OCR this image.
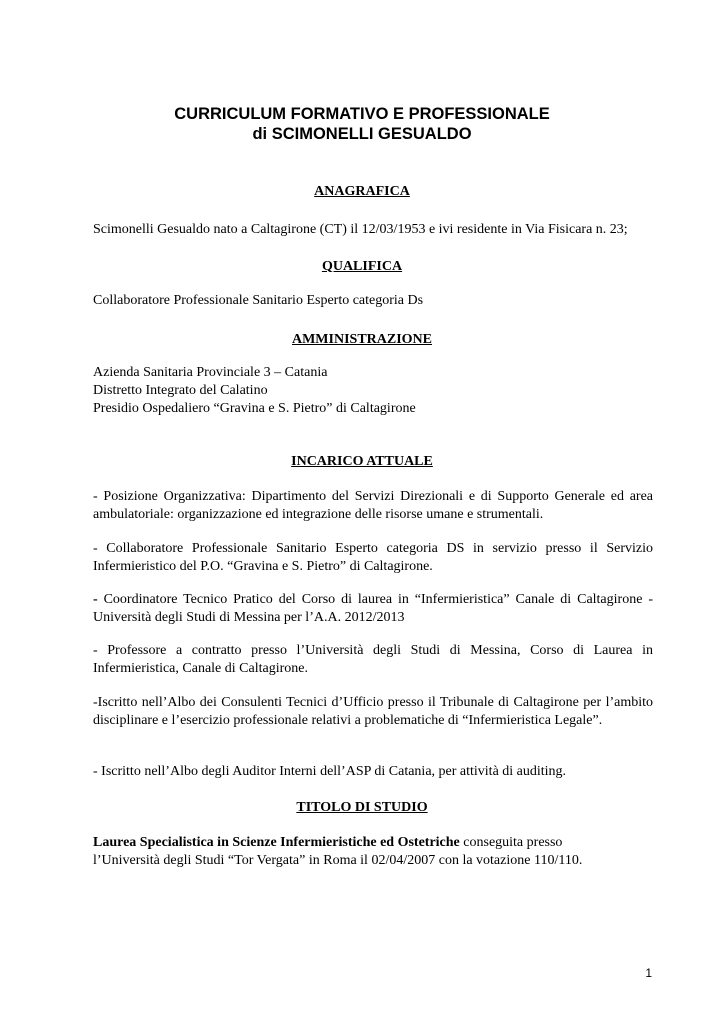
CURRICULUM FORMATIVO E PROFESSIONALE
di SCIMONELLI GESUALDO
ANAGRAFICA
Scimonelli Gesualdo nato a Caltagirone (CT) il 12/03/1953 e ivi residente in Via Fisicara n. 23;
QUALIFICA
Collaboratore Professionale Sanitario Esperto categoria Ds
AMMINISTRAZIONE

Azienda Sanitaria Provinciale 3 – Catania

Distretto Integrato del Calatino

Presidio Ospedaliero “Gravina e S. Pietro” di Caltagirone

INCARICO ATTUALE
- Posizione Organizzativa: Dipartimento del Servizi Direzionali e di Supporto Generale ed area ambulatoriale: organizzazione ed integrazione delle risorse umane e strumentali.
- Collaboratore Professionale Sanitario Esperto categoria DS in servizio presso il Servizio Infermieristico del P.O. “Gravina e S. Pietro” di Caltagirone.
- Coordinatore Tecnico Pratico del Corso di laurea in “Infermieristica” Canale di Caltagirone - Università degli Studi di Messina per l’A.A. 2012/2013
- Professore a contratto presso l’Università degli Studi di Messina, Corso di Laurea in Infermieristica, Canale di Caltagirone.
-Iscritto nell’Albo dei Consulenti Tecnici d’Ufficio presso il Tribunale di Caltagirone per l’ambito disciplinare e l’esercizio professionale relativi a problematiche di “Infermieristica Legale”.
- Iscritto nell’Albo degli Auditor Interni dell’ASP di Catania, per attività di auditing.
TITOLO DI STUDIO

Laurea Specialistica in Scienze Infermieristiche ed Ostetriche conseguita presso

l’Università degli Studi “Tor Vergata” in Roma il 02/04/2007 con la votazione 110/110.

1
